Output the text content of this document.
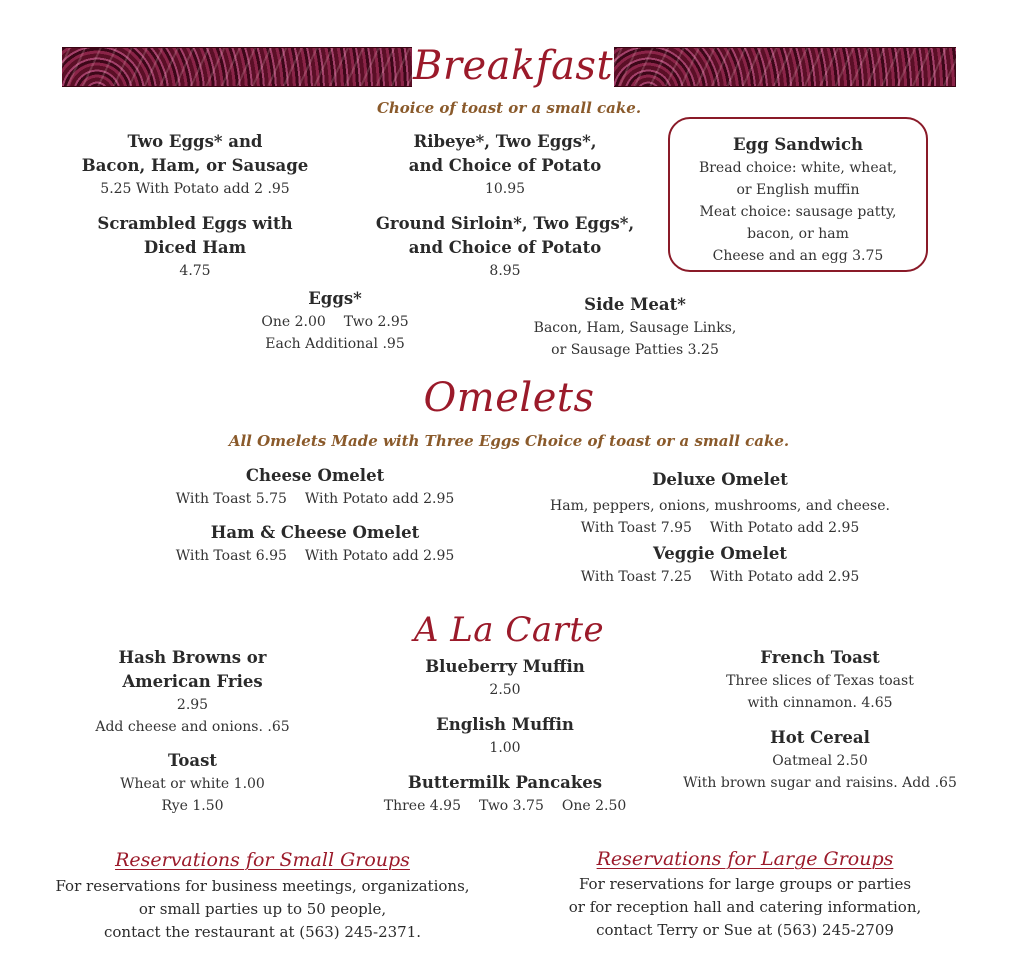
Breakfast
Choice of toast or a small cake.
Two Eggs* and
Bacon, Ham, or Sausage
5.25 With Potato add 2 .95
Scrambled Eggs with
Diced Ham
4.75
Ribeye*, Two Eggs*,
and Choice of Potato
10.95
Ground Sirloin*, Two Eggs*,
and Choice of Potato
8.95
Egg Sandwich
Bread choice: white, wheat,
or English muffin
Meat choice: sausage patty,
bacon, or ham
Cheese and an egg 3.75
Eggs*
One 2.00 Two 2.95
Each Additional .95
Side Meat*
Bacon, Ham, Sausage Links,
or Sausage Patties 3.25
Omelets
All Omelets Made with Three Eggs Choice of toast or a small cake.
Cheese Omelet
With Toast 5.75 With Potato add 2.95
Ham & Cheese Omelet
With Toast 6.95 With Potato add 2.95
Deluxe Omelet
Ham, peppers, onions, mushrooms, and cheese.
With Toast 7.95 With Potato add 2.95
Veggie Omelet
With Toast 7.25 With Potato add 2.95
A La Carte
Hash Browns or
American Fries
2.95
Add cheese and onions. .65
Toast
Wheat or white 1.00
Rye 1.50
Blueberry Muffin
2.50
English Muffin
1.00
Buttermilk Pancakes
Three 4.95 Two 3.75 One 2.50
French Toast
Three slices of Texas toast
with cinnamon. 4.65
Hot Cereal
Oatmeal 2.50
With brown sugar and raisins. Add .65
Reservations for Small Groups
For reservations for business meetings, organizations,
or small parties up to 50 people,
contact the restaurant at (563) 245-2371.
Reservations for Large Groups
For reservations for large groups or parties
or for reception hall and catering information,
contact Terry or Sue at (563) 245-2709
